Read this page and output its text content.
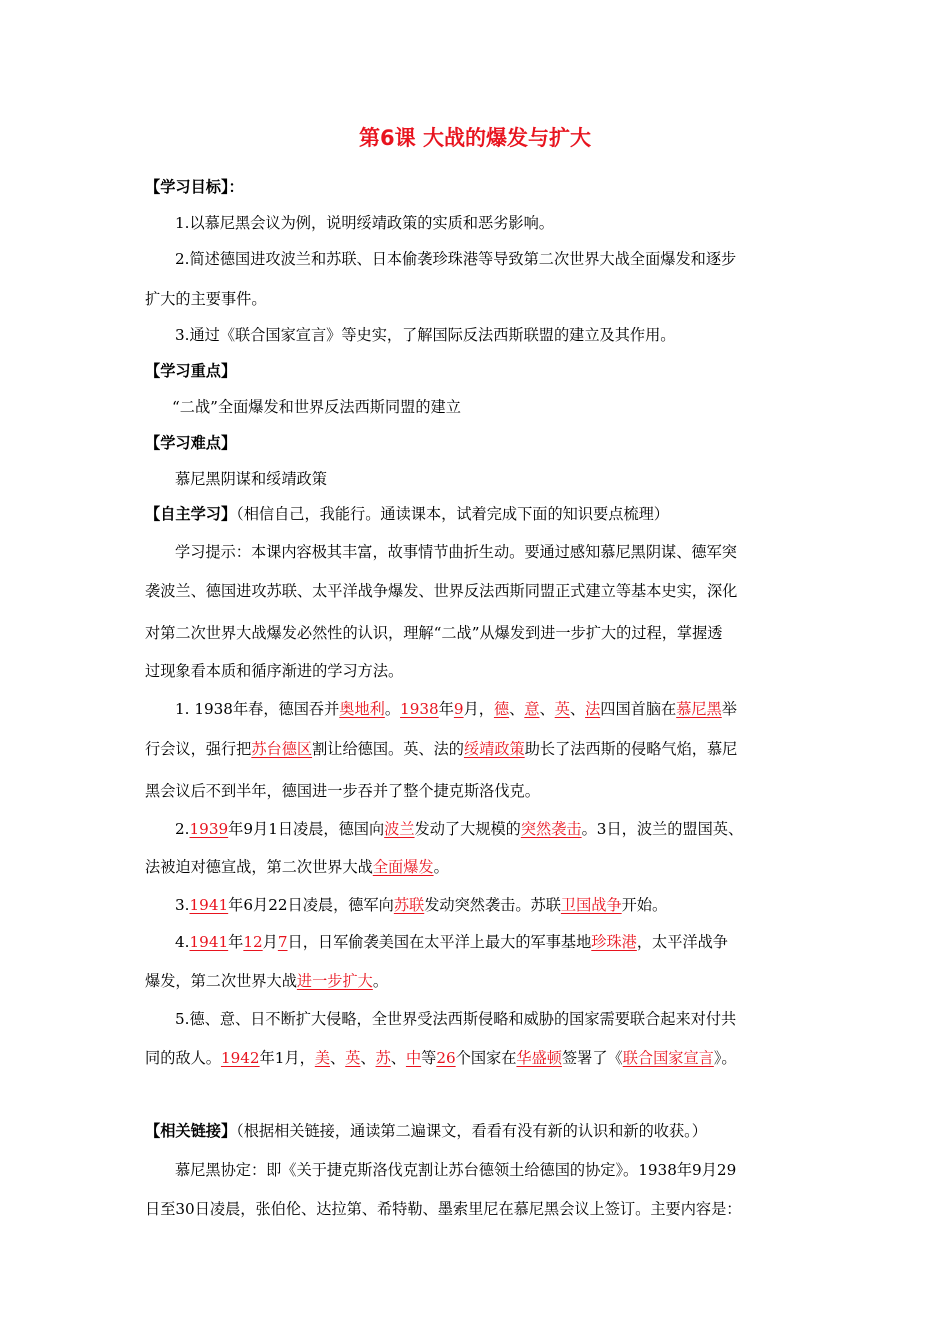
第6课 大战的爆发与扩大
【学习目标】：
1.以慕尼黑会议为例，说明绥靖政策的实质和恶劣影响。
2.简述德国进攻波兰和苏联、日本偷袭珍珠港等导致第二次世界大战全面爆发和逐步
扩大的主要事件。
3.通过《联合国家宣言》等史实，了解国际反法西斯联盟的建立及其作用。
【学习重点】
“二战”全面爆发和世界反法西斯同盟的建立
【学习难点】
慕尼黑阴谋和绥靖政策
【自主学习】（相信自己，我能行。通读课本，试着完成下面的知识要点梳理）
学习提示：本课内容极其丰富，故事情节曲折生动。要通过感知慕尼黑阴谋、德军突
袭波兰、德国进攻苏联、太平洋战争爆发、世界反法西斯同盟正式建立等基本史实，深化
对第二次世界大战爆发必然性的认识，理解“二战”从爆发到进一步扩大的过程，掌握透
过现象看本质和循序渐进的学习方法。
1. 1938年春，德国吞并奥地利。1938年9月，德、意、英、法四国首脑在慕尼黑举
行会议，强行把苏台德区割让给德国。英、法的绥靖政策助长了法西斯的侵略气焰，慕尼
黑会议后不到半年，德国进一步吞并了整个捷克斯洛伐克。
2.1939年9月1日凌晨，德国向波兰发动了大规模的突然袭击。3日，波兰的盟国英、
法被迫对德宣战，第二次世界大战全面爆发。
3.1941年6月22日凌晨，德军向苏联发动突然袭击。苏联卫国战争开始。
4.1941年12月7日，日军偷袭美国在太平洋上最大的军事基地珍珠港，太平洋战争
爆发，第二次世界大战进一步扩大。
5.德、意、日不断扩大侵略，全世界受法西斯侵略和威胁的国家需要联合起来对付共
同的敌人。1942年1月，美、英、苏、中等26个国家在华盛顿签署了《联合国家宣言》。
【相关链接】（根据相关链接，通读第二遍课文，看看有没有新的认识和新的收获。）
慕尼黑协定：即《关于捷克斯洛伐克割让苏台德领土给德国的协定》。1938年9月29
日至30日凌晨，张伯伦、达拉第、希特勒、墨索里尼在慕尼黑会议上签订。主要内容是：
